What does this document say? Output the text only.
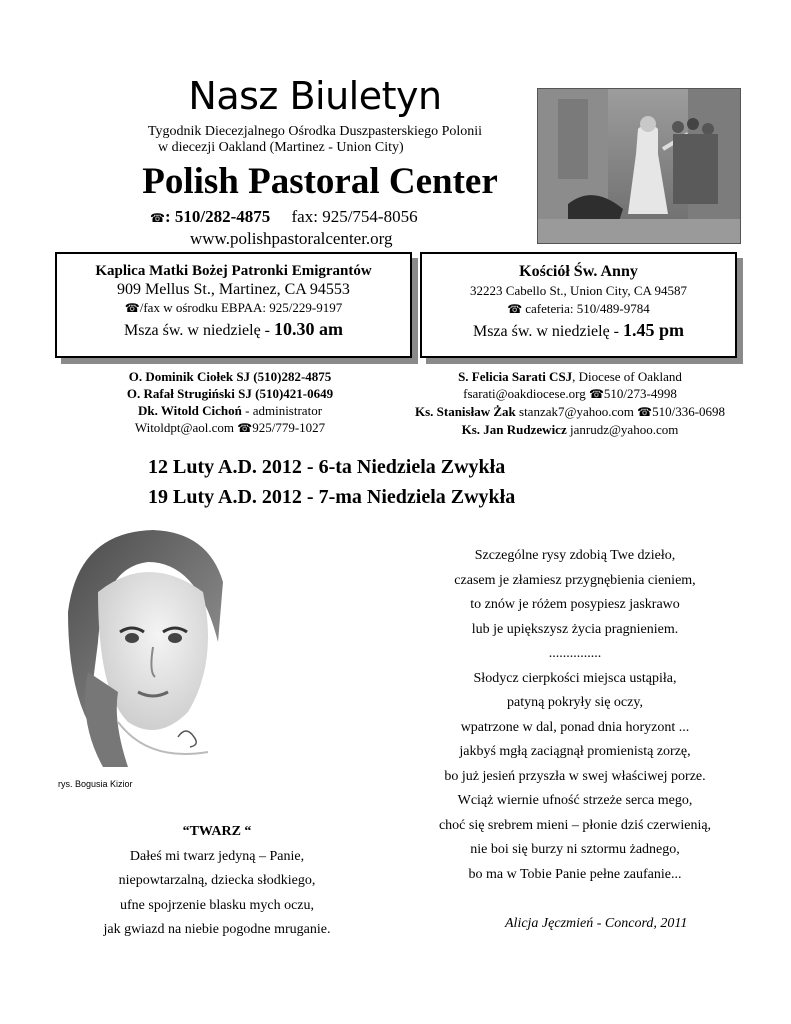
Nasz Biuletyn
Tygodnik Diecezjalnego Ośrodka Duszpasterskiego Polonii
w diecezji Oakland (Martinez - Union City)
Polish Pastoral Center
☎: 510/282-4875 fax: 925/754-8056
www.polishpastoralcenter.org
Kaplica Matki Bożej Patronki Emigrantów
909 Mellus St., Martinez, CA 94553
☎/fax w ośrodku EBPAA: 925/229-9197
Msza św. w niedzielę - 10.30 am
Kościół Św. Anny
32223 Cabello St., Union City, CA 94587
☎ cafeteria: 510/489-9784
Msza św. w niedzielę - 1.45 pm
O. Dominik Ciołek SJ (510)282-4875
O. Rafał Strugiński SJ (510)421-0649
Dk. Witold Cichoń - administrator
Witoldpt@aol.com ☎925/779-1027
S. Felicia Sarati CSJ, Diocese of Oakland
fsarati@oakdiocese.org ☎510/273-4998
Ks. Stanisław Żak stanzak7@yahoo.com ☎510/336-0698
Ks. Jan Rudzewicz janrudz@yahoo.com
12 Luty A.D. 2012 - 6-ta Niedziela Zwykła
19 Luty A.D. 2012 - 7-ma Niedziela Zwykła
rys. Bogusia Kizior
“TWARZ “
Dałeś mi twarz jedyną – Panie,
niepowtarzalną, dziecka słodkiego,
ufne spojrzenie blasku mych oczu,
jak gwiazd na niebie pogodne mruganie.
Szczególne rysy zdobią Twe dzieło,
czasem je złamiesz przygnębienia cieniem,
to znów je różem posypiesz jaskrawo
lub je upiększysz życia pragnieniem.
...............
Słodycz cierpkości miejsca ustąpiła,
patyną pokryły się oczy,
wpatrzone w dal, ponad dnia horyzont ...
jakbyś mgłą zaciągnął promienistą zorzę,
bo już jesień przyszła w swej właściwej porze.
Wciąż wiernie ufność strzeże serca mego,
choć się srebrem mieni – płonie dziś czerwienią,
nie boi się burzy ni sztormu żadnego,
bo ma w Tobie Panie pełne zaufanie...
Alicja Jęczmień - Concord, 2011
